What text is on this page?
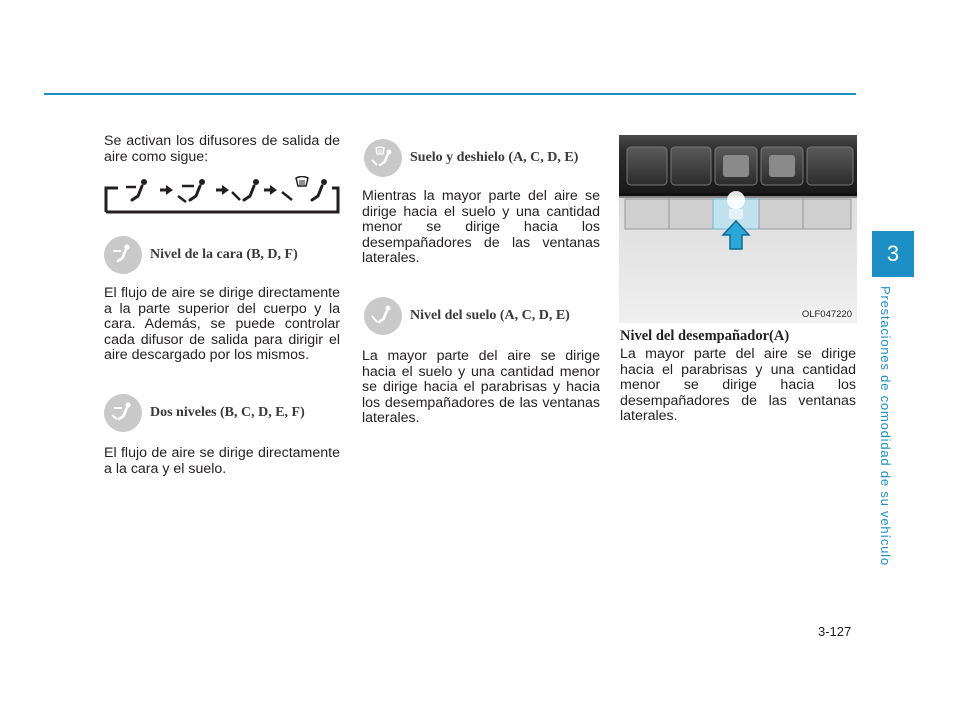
Se activan los difusores de salida de aire como sigue:

Nivel de la cara (B, D, F)

El flujo de aire se dirige directamente a la parte superior del cuerpo y la cara. Además, se puede controlar cada difusor de salida para dirigir el aire descargado por los mismos.

Dos niveles (B, C, D, E, F)

El flujo de aire se dirige directamente a la cara y el suelo.

Suelo y deshielo (A, C, D, E)

Mientras la mayor parte del aire se dirige hacia el suelo y una cantidad menor se dirige hacia los desempañadores de las ventanas laterales.

Nivel del suelo (A, C, D, E)

La mayor parte del aire se dirige hacia el suelo y una cantidad menor se dirige hacia el parabrisas y hacia los desempañadores de las ventanas laterales.

OLF047220
Nivel del desempañador(A)

La mayor parte del aire se dirige hacia el parabrisas y una cantidad menor se dirige hacia los desempañadores de las ventanas laterales.

3
Prestaciones de comodidad de su vehículo
3-127
